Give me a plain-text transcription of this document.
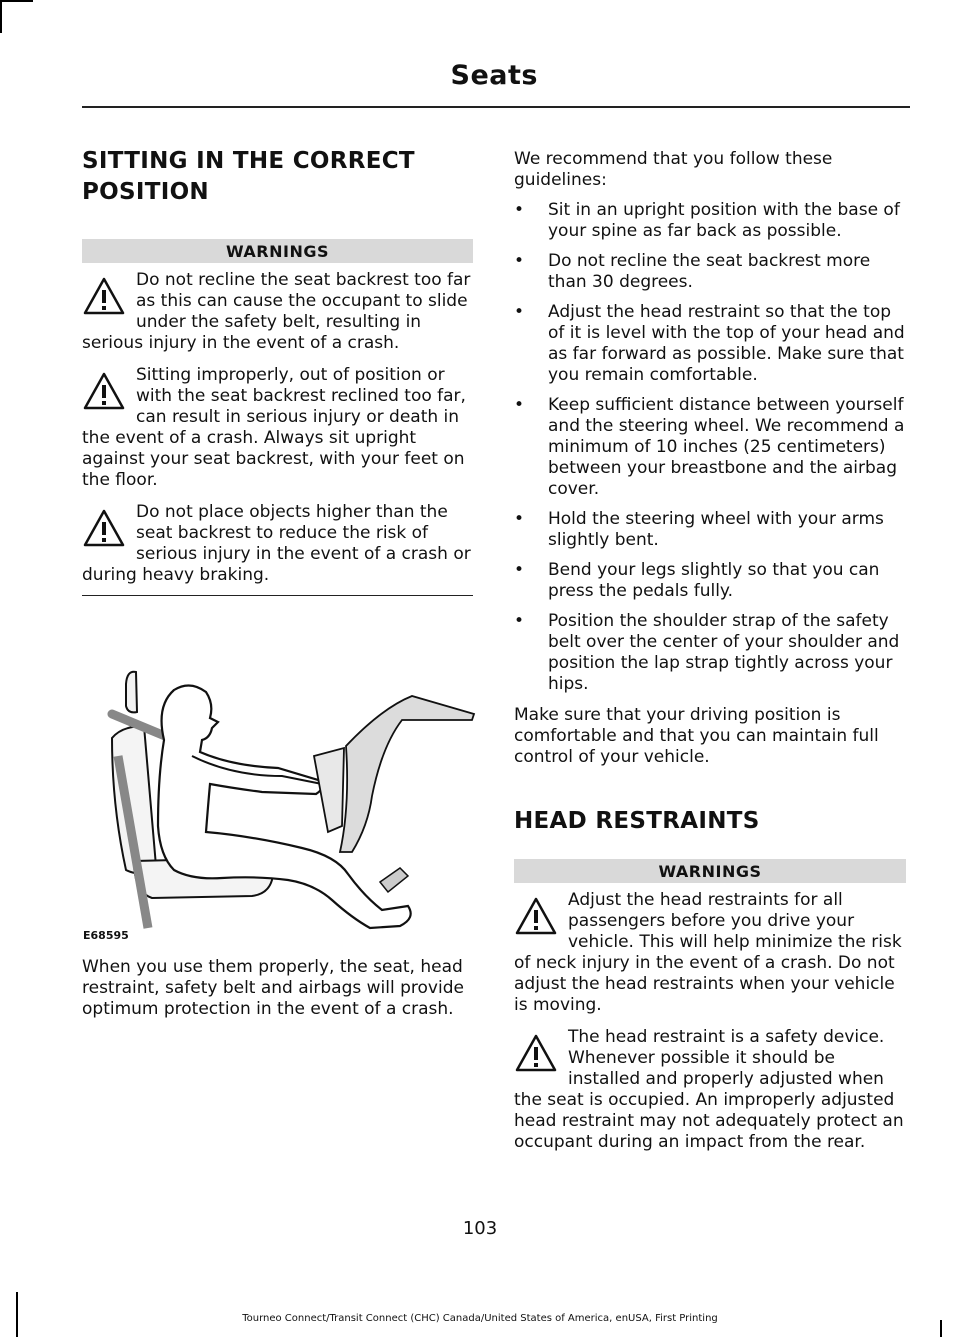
Seats
SITTING IN THE CORRECT
POSITION
WARNINGS

Do not recline the seat backrest too far as this can cause the occupant to slide under the safety belt, resulting in serious injury in the event of a crash.

Sitting improperly, out of position or with the seat backrest reclined too far, can result in serious injury or death in the event of a crash. Always sit upright against your seat backrest, with your feet on the floor.

Do not place objects higher than the seat backrest to reduce the risk of serious injury in the event of a crash or during heavy braking.

E68595

When you use them properly, the seat, head restraint, safety belt and airbags will provide optimum protection in the event of a crash.

We recommend that you follow these guidelines:

• Sit in an upright position with the base of your spine as far back as possible.
• Do not recline the seat backrest more than 30 degrees.
• Adjust the head restraint so that the top of it is level with the top of your head and as far forward as possible. Make sure that you remain comfortable.
• Keep sufficient distance between yourself and the steering wheel. We recommend a minimum of 10 inches (25 centimeters) between your breastbone and the airbag cover.
• Hold the steering wheel with your arms slightly bent.
• Bend your legs slightly so that you can press the pedals fully.
• Position the shoulder strap of the safety belt over the center of your shoulder and position the lap strap tightly across your hips.

Make sure that your driving position is comfortable and that you can maintain full control of your vehicle.

HEAD RESTRAINTS
WARNINGS

Adjust the head restraints for all passengers before you drive your vehicle. This will help minimize the risk of neck injury in the event of a crash. Do not adjust the head restraints when your vehicle is moving.

The head restraint is a safety device. Whenever possible it should be installed and properly adjusted when the seat is occupied. An improperly adjusted head restraint may not adequately protect an occupant during an impact from the rear.

103
Tourneo Connect/Transit Connect (CHC) Canada/United States of America, enUSA, First Printing
